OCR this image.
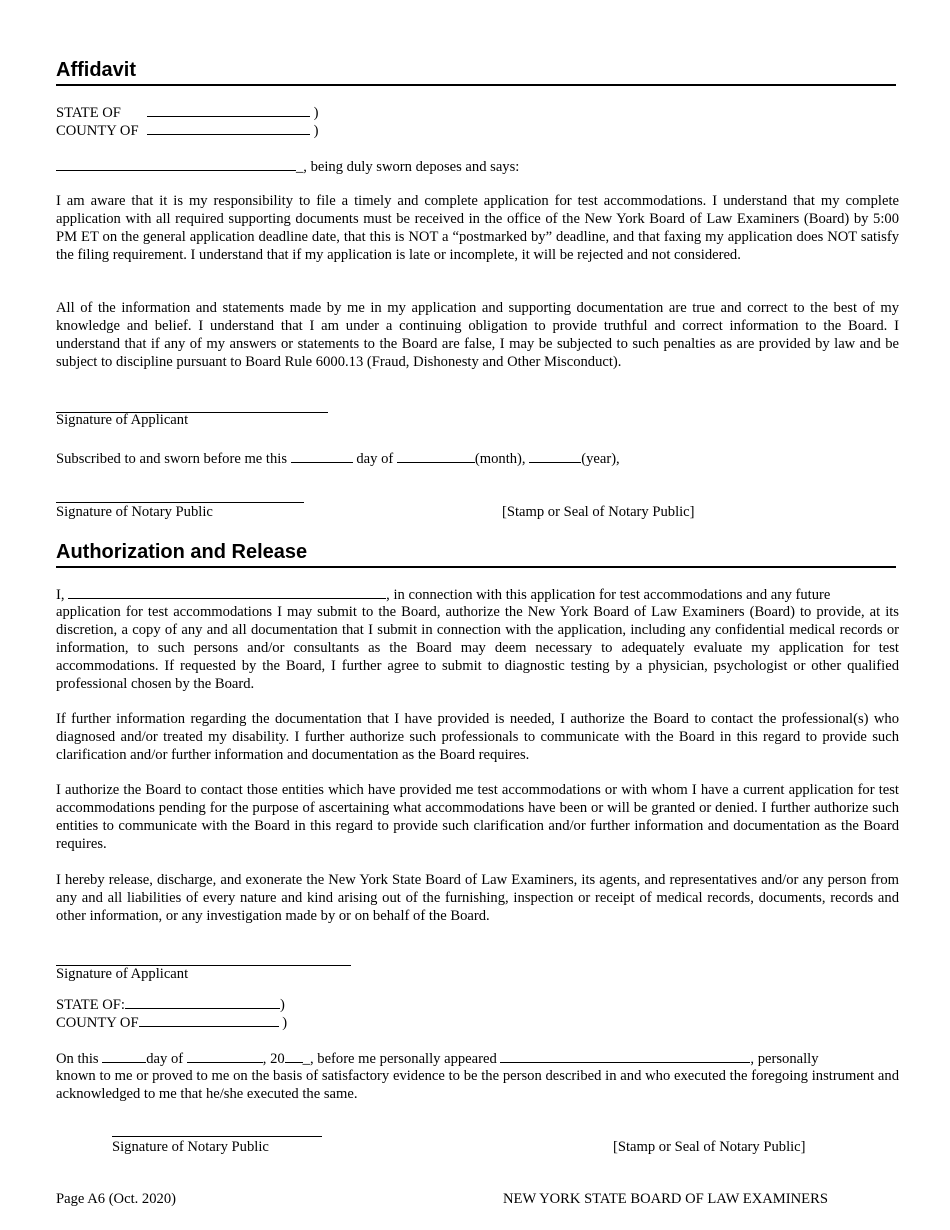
Affidavit
STATE OF	)
COUNTY OF	)
_, being duly sworn deposes and says:

I am aware that it is my responsibility to file a timely and complete application for test accommodations. I understand that my complete application with all required supporting documents must be received in the office of the New York Board of Law Examiners (Board) by 5:00 PM ET on the general application deadline date, that this is NOT a “postmarked by” deadline, and that faxing my application does NOT satisfy the filing requirement. I understand that if my application is late or incomplete, it will be rejected and not considered.

All of the information and statements made by me in my application and supporting documentation are true and correct to the best of my knowledge and belief. I understand that I am under a continuing obligation to provide truthful and correct information to the Board. I understand that if any of my answers or statements to the Board are false, I may be subjected to such penalties as are provided by law and be subject to discipline pursuant to Board Rule 6000.13 (Fraud, Dishonesty and Other Misconduct).

Signature of Applicant
Subscribed to and sworn before me this	day of	(month),	(year),
Signature of Notary Public	[Stamp or Seal of Notary Public]
Authorization and Release
I,	, in connection with this application for test accommodations and any future

application for test accommodations I may submit to the Board, authorize the New York Board of Law Examiners (Board) to provide, at its discretion, a copy of any and all documentation that I submit in connection with the application, including any confidential medical records or information, to such persons and/or consultants as the Board may deem necessary to adequately evaluate my application for test accommodations. If requested by the Board, I further agree to submit to diagnostic testing by a physician, psychologist or other qualified professional chosen by the Board.

If further information regarding the documentation that I have provided is needed, I authorize the Board to contact the professional(s) who diagnosed and/or treated my disability. I further authorize such professionals to communicate with the Board in this regard to provide such clarification and/or further information and documentation as the Board requires.

I authorize the Board to contact those entities which have provided me test accommodations or with whom I have a current application for test accommodations pending for the purpose of ascertaining what accommodations have been or will be granted or denied. I further authorize such entities to communicate with the Board in this regard to provide such clarification and/or further information and documentation as the Board requires.

I hereby release, discharge, and exonerate the New York State Board of Law Examiners, its agents, and representatives and/or any person from any and all liabilities of every nature and kind arising out of the furnishing, inspection or receipt of medical records, documents, records and other information, or any investigation made by or on behalf of the Board.

Signature of Applicant
STATE OF:	)
COUNTY OF	)
On this	day of	, 20 _, before me personally appeared	, personally

known to me or proved to me on the basis of satisfactory evidence to be the person described in and who executed the foregoing instrument and acknowledged to me that he/she executed the same.

Signature of Notary Public	[Stamp or Seal of Notary Public]
Page A6 (Oct. 2020)	NEW YORK STATE BOARD OF LAW EXAMINERS
